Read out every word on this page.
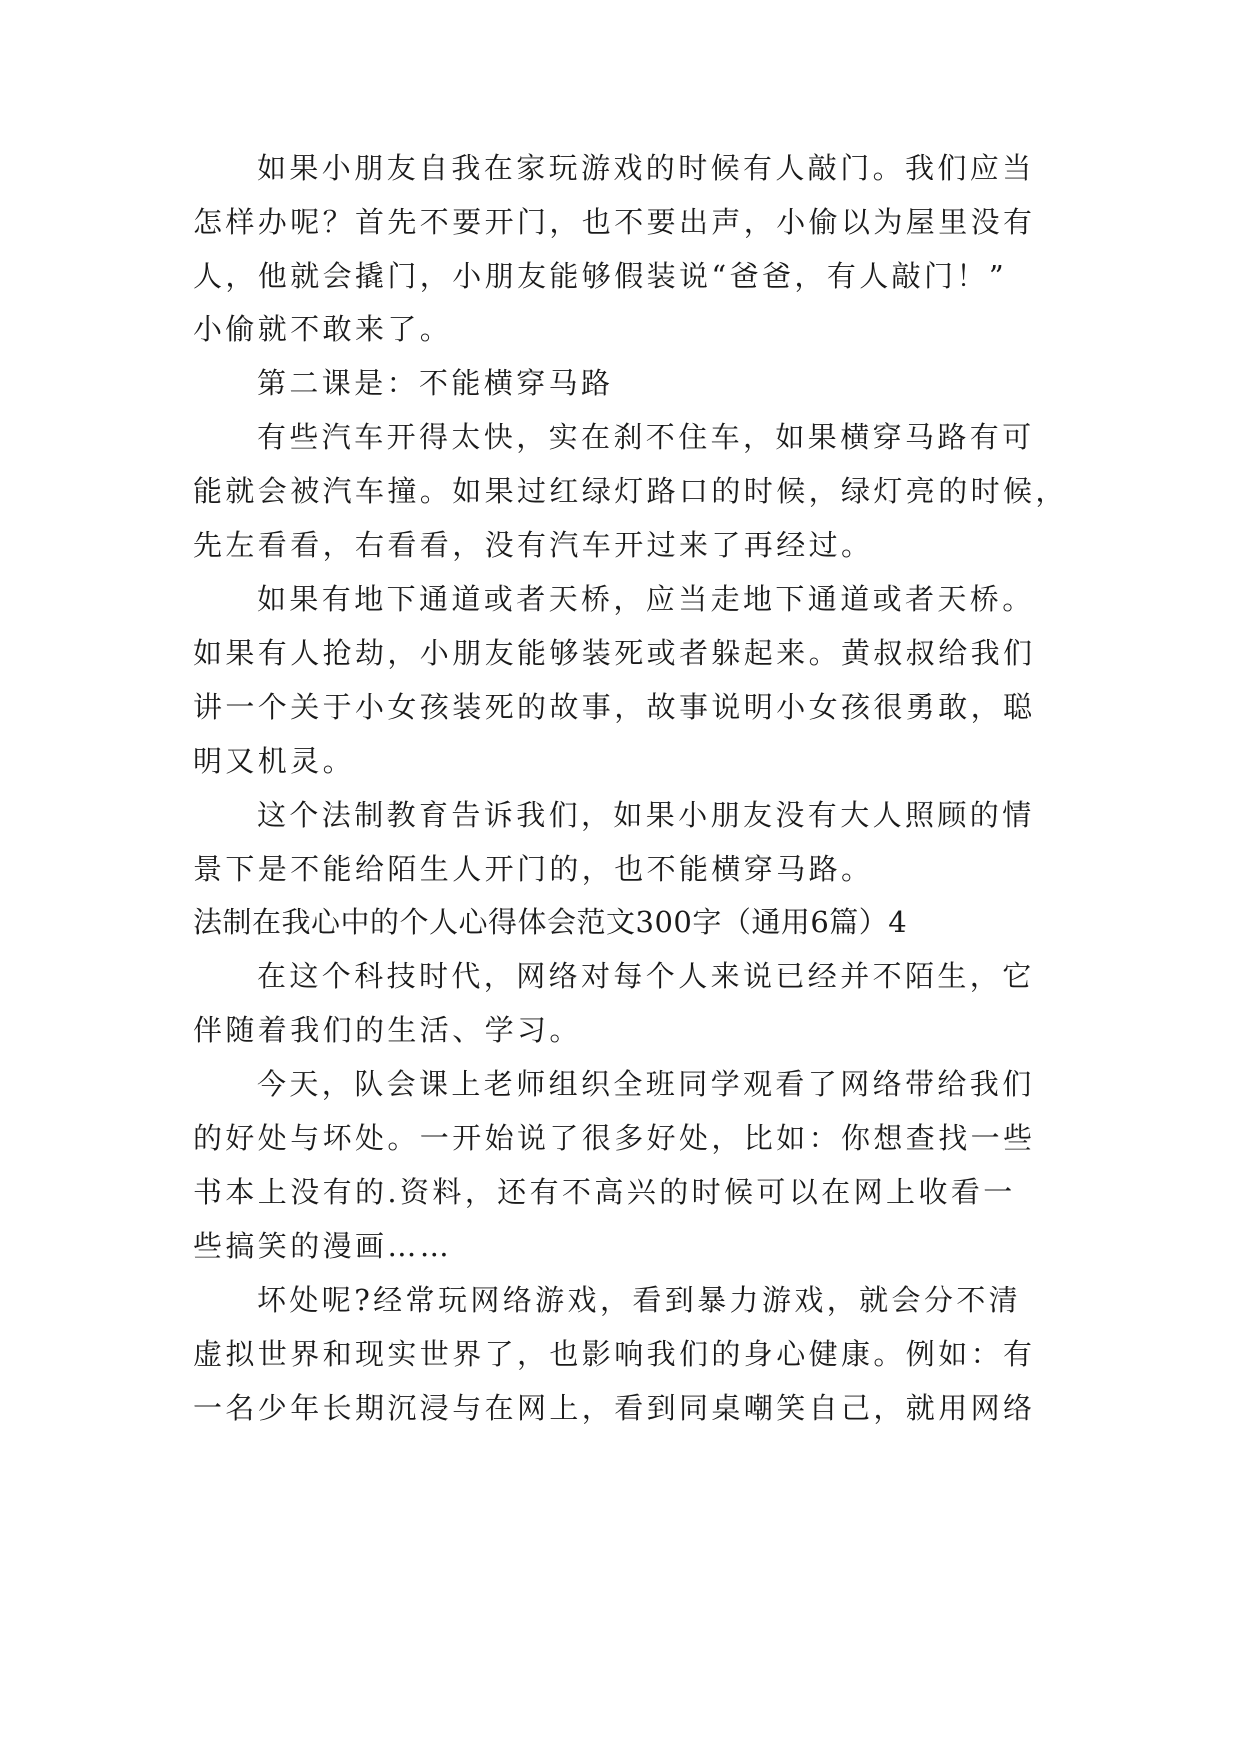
如果小朋友自我在家玩游戏的时候有人敲门。我们应当
怎样办呢？首先不要开门，也不要出声，小偷以为屋里没有
人，他就会撬门，小朋友能够假装说“爸爸，有人敲门！”
小偷就不敢来了。
第二课是：不能横穿马路
有些汽车开得太快，实在刹不住车，如果横穿马路有可
能就会被汽车撞。如果过红绿灯路口的时候，绿灯亮的时候，
先左看看，右看看，没有汽车开过来了再经过。
如果有地下通道或者天桥，应当走地下通道或者天桥。
如果有人抢劫，小朋友能够装死或者躲起来。黄叔叔给我们
讲一个关于小女孩装死的故事，故事说明小女孩很勇敢，聪
明又机灵。
这个法制教育告诉我们，如果小朋友没有大人照顾的情
景下是不能给陌生人开门的，也不能横穿马路。
法制在我心中的个人心得体会范文300字（通用6篇）4
在这个科技时代，网络对每个人来说已经并不陌生，它
伴随着我们的生活、学习。
今天，队会课上老师组织全班同学观看了网络带给我们
的好处与坏处。一开始说了很多好处，比如：你想查找一些
书本上没有的.资料，还有不高兴的时候可以在网上收看一
些搞笑的漫画……
坏处呢?经常玩网络游戏，看到暴力游戏，就会分不清
虚拟世界和现实世界了，也影响我们的身心健康。例如：有
一名少年长期沉浸与在网上，看到同桌嘲笑自己，就用网络
